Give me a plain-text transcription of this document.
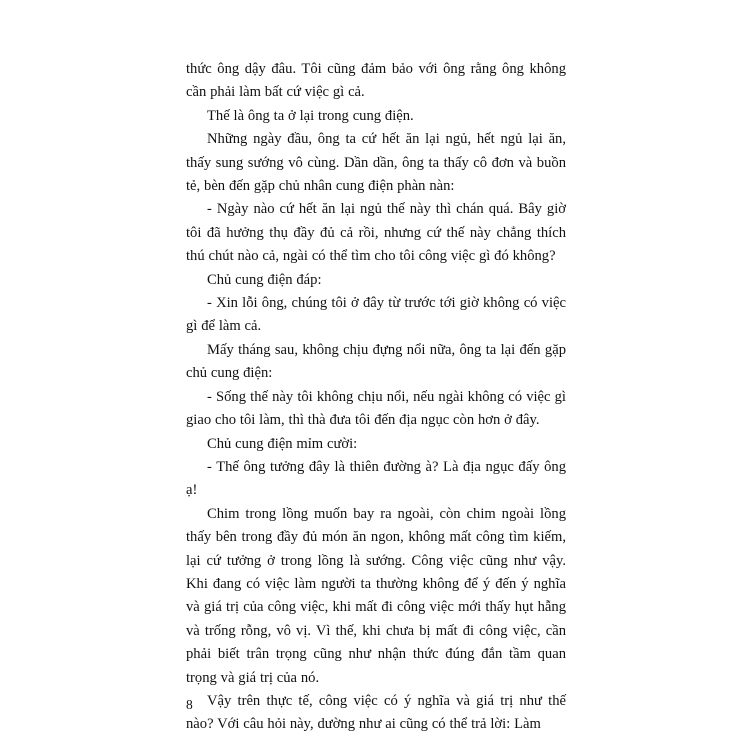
thức ông dậy đâu. Tôi cũng đảm bảo với ông rằng ông không cần phải làm bất cứ việc gì cả.

Thế là ông ta ở lại trong cung điện.

Những ngày đầu, ông ta cứ hết ăn lại ngủ, hết ngủ lại ăn, thấy sung sướng vô cùng. Dần dần, ông ta thấy cô đơn và buồn tẻ, bèn đến gặp chủ nhân cung điện phàn nàn:

- Ngày nào cứ hết ăn lại ngủ thế này thì chán quá. Bây giờ tôi đã hưởng thụ đầy đủ cả rồi, nhưng cứ thế này chẳng thích thú chút nào cả, ngài có thể tìm cho tôi công việc gì đó không?

Chủ cung điện đáp:

- Xin lỗi ông, chúng tôi ở đây từ trước tới giờ không có việc gì để làm cả.

Mấy tháng sau, không chịu đựng nổi nữa, ông ta lại đến gặp chủ cung điện:

- Sống thế này tôi không chịu nổi, nếu ngài không có việc gì giao cho tôi làm, thì thà đưa tôi đến địa ngục còn hơn ở đây.

Chủ cung điện mỉm cười:

- Thế ông tưởng đây là thiên đường à? Là địa ngục đấy ông ạ!

Chim trong lồng muốn bay ra ngoài, còn chim ngoài lồng thấy bên trong đầy đủ món ăn ngon, không mất công tìm kiếm, lại cứ tưởng ở trong lồng là sướng. Công việc cũng như vậy. Khi đang có việc làm người ta thường không để ý đến ý nghĩa và giá trị của công việc, khi mất đi công việc mới thấy hụt hẫng và trống rỗng, vô vị. Vì thế, khi chưa bị mất đi công việc, cần phải biết trân trọng cũng như nhận thức đúng đắn tầm quan trọng và giá trị của nó.

Vậy trên thực tế, công việc có ý nghĩa và giá trị như thế nào? Với câu hỏi này, dường như ai cũng có thể trả lời: Làm

8
